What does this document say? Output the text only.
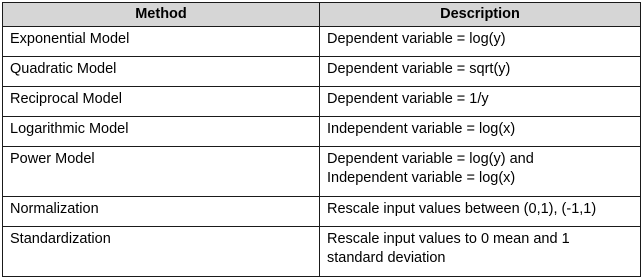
Method	Description
Exponential Model	Dependent variable = log(y)

Quadratic Model	Dependent variable = sqrt(y)

Reciprocal Model	Dependent variable = 1/y

Logarithmic Model	Independent variable = log(x)

Power Model	Dependent variable = log(y) and
Independent variable = log(x)

Normalization	Rescale input values between (0,1), (-1,1)

Standardization	Rescale input values to 0 mean and 1
standard deviation
